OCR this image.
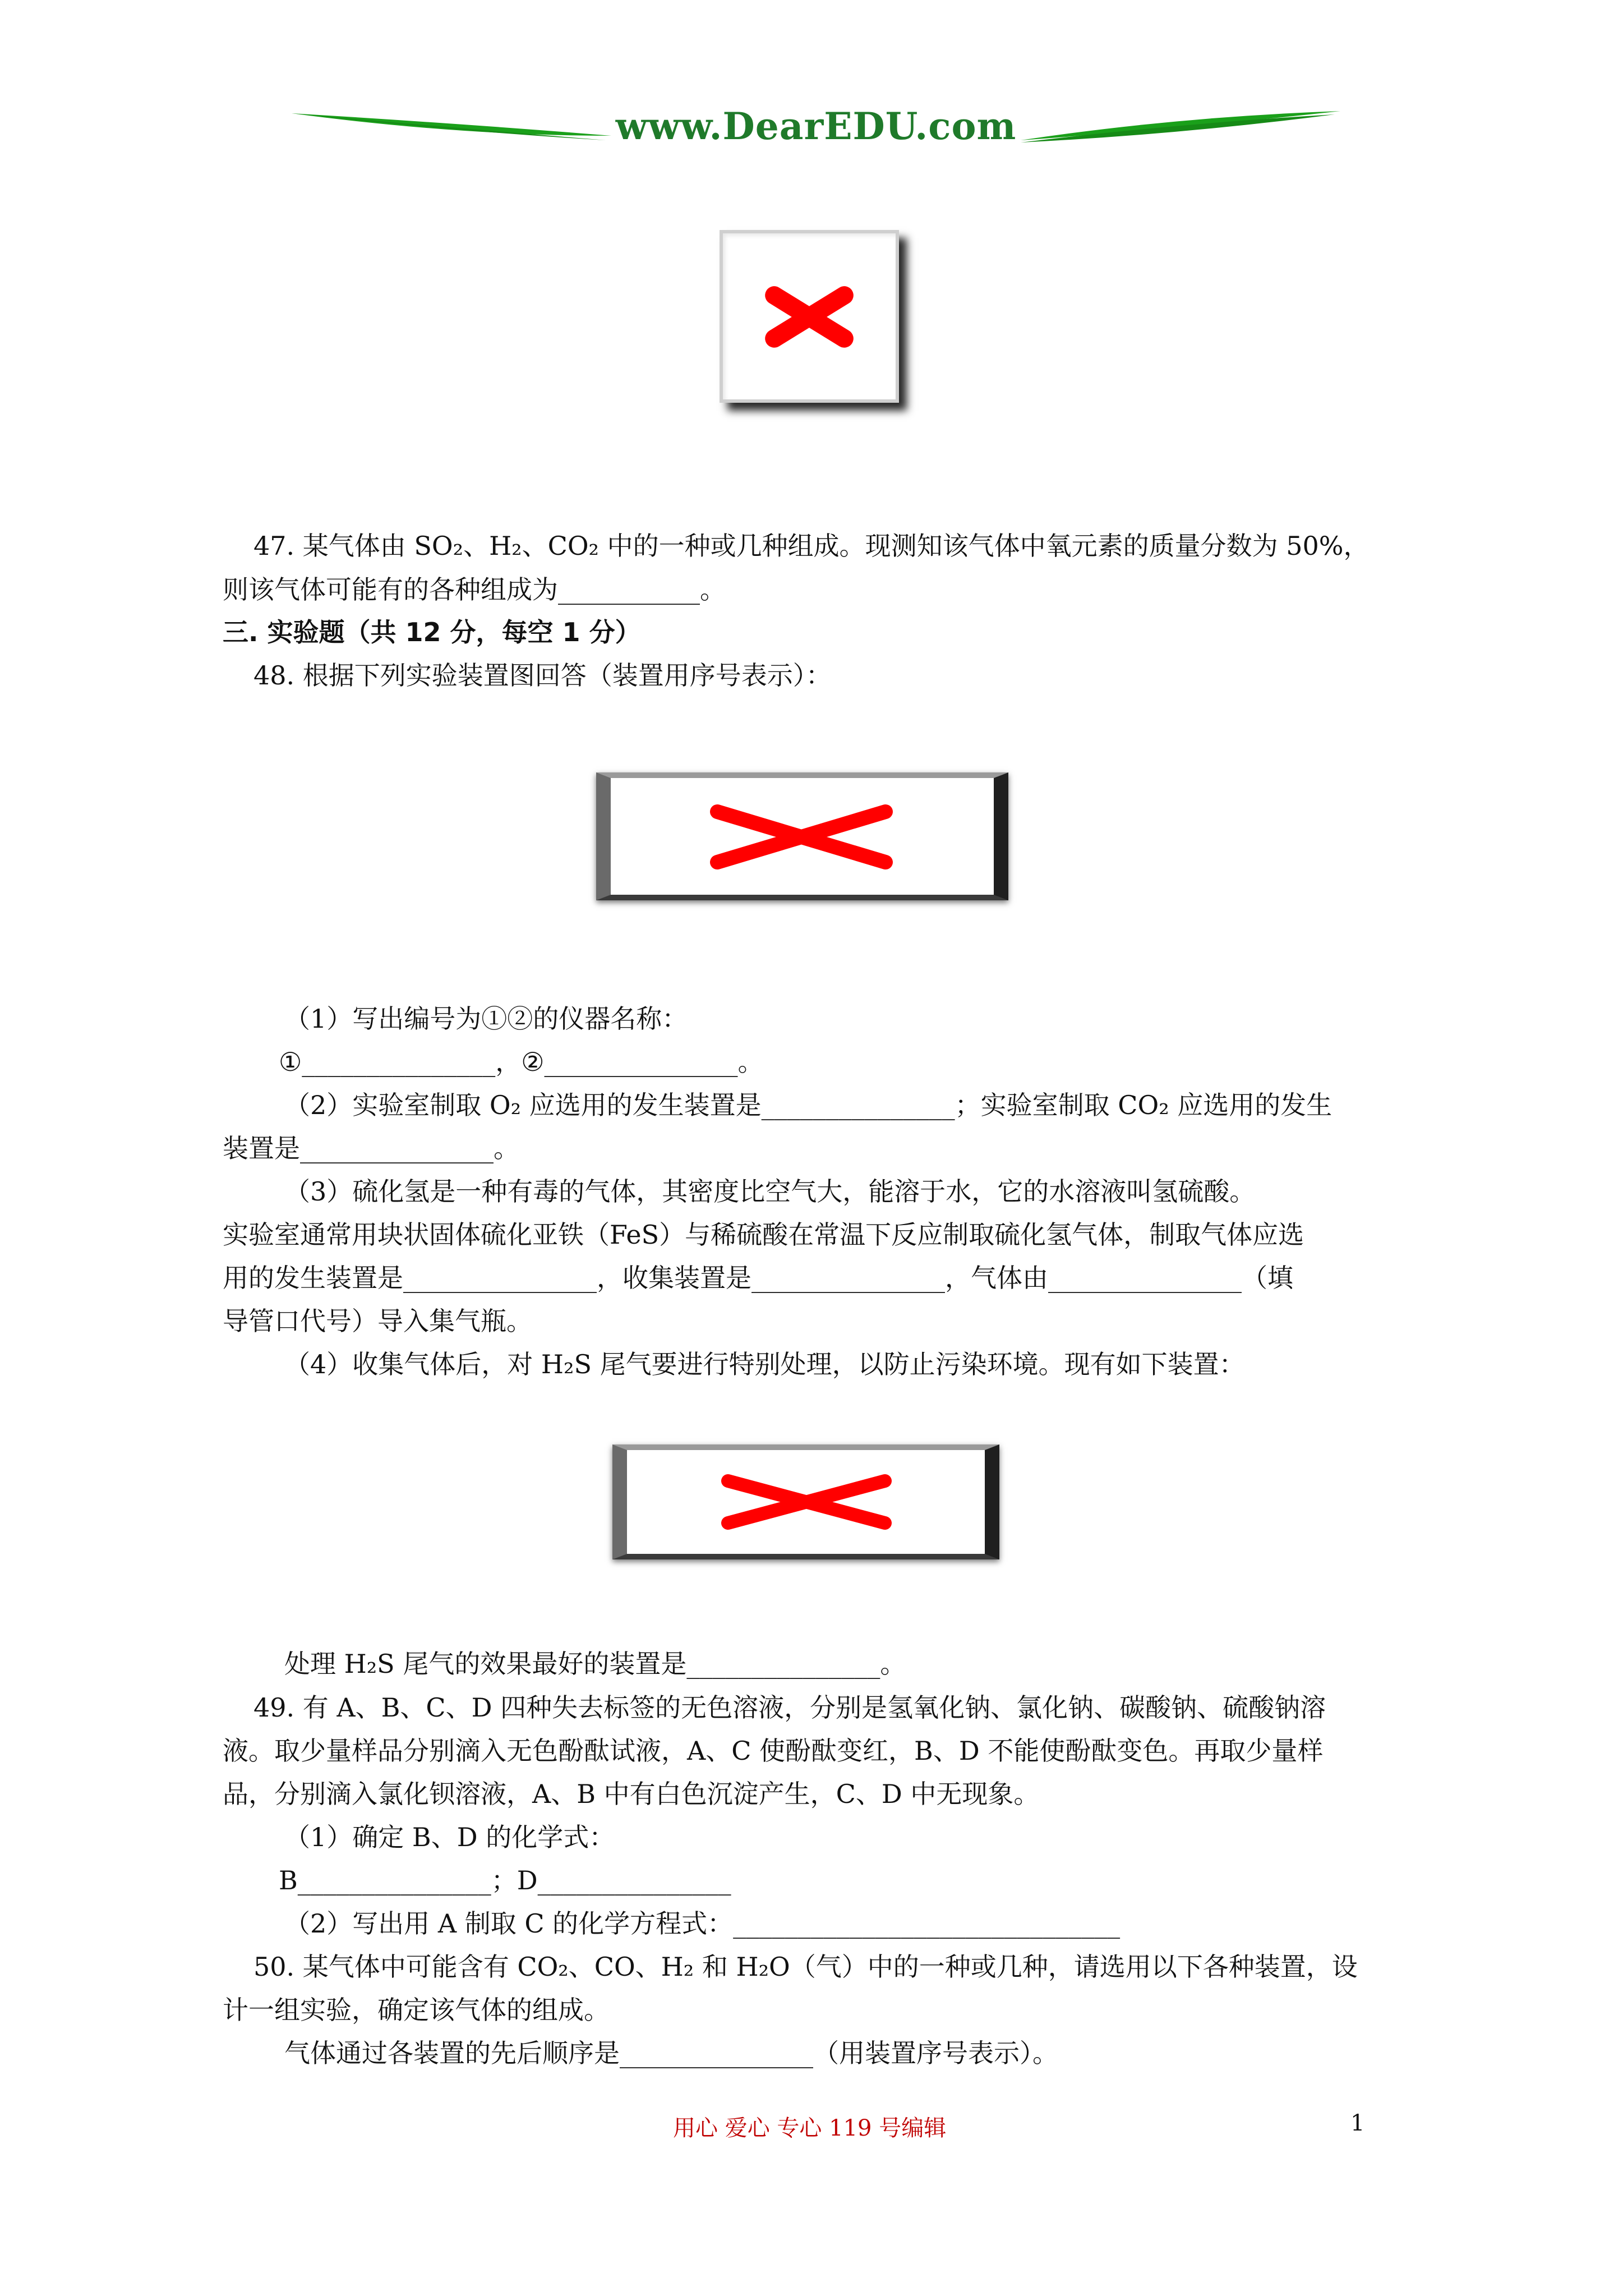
www.DearEDU.com
47. 某气体由 SO₂、H₂、CO₂ 中的一种或几种组成。现测知该气体中氧元素的质量分数为 50%，
则该气体可能有的各种组成为___________。
三. 实验题（共 12 分，每空 1 分）
48. 根据下列实验装置图回答（装置用序号表示）：
（1）写出编号为①②的仪器名称：
①_______________，②_______________。
（2）实验室制取 O₂ 应选用的发生装置是_______________；实验室制取 CO₂ 应选用的发生
装置是_______________。
（3）硫化氢是一种有毒的气体，其密度比空气大，能溶于水，它的水溶液叫氢硫酸。
实验室通常用块状固体硫化亚铁（FeS）与稀硫酸在常温下反应制取硫化氢气体，制取气体应选
用的发生装置是_______________，收集装置是_______________，气体由_______________（填
导管口代号）导入集气瓶。
（4）收集气体后，对 H₂S 尾气要进行特别处理，以防止污染环境。现有如下装置：
处理 H₂S 尾气的效果最好的装置是_______________。
49. 有 A、B、C、D 四种失去标签的无色溶液，分别是氢氧化钠、氯化钠、碳酸钠、硫酸钠溶
液。取少量样品分别滴入无色酚酞试液，A、C 使酚酞变红，B、D 不能使酚酞变色。再取少量样
品，分别滴入氯化钡溶液，A、B 中有白色沉淀产生，C、D 中无现象。
（1）确定 B、D 的化学式：
B_______________；D_______________
（2）写出用 A 制取 C 的化学方程式：______________________________
50. 某气体中可能含有 CO₂、CO、H₂ 和 H₂O（气）中的一种或几种，请选用以下各种装置，设
计一组实验，确定该气体的组成。
气体通过各装置的先后顺序是_______________（用装置序号表示）。
用心 爱心 专心 119 号编辑	1
